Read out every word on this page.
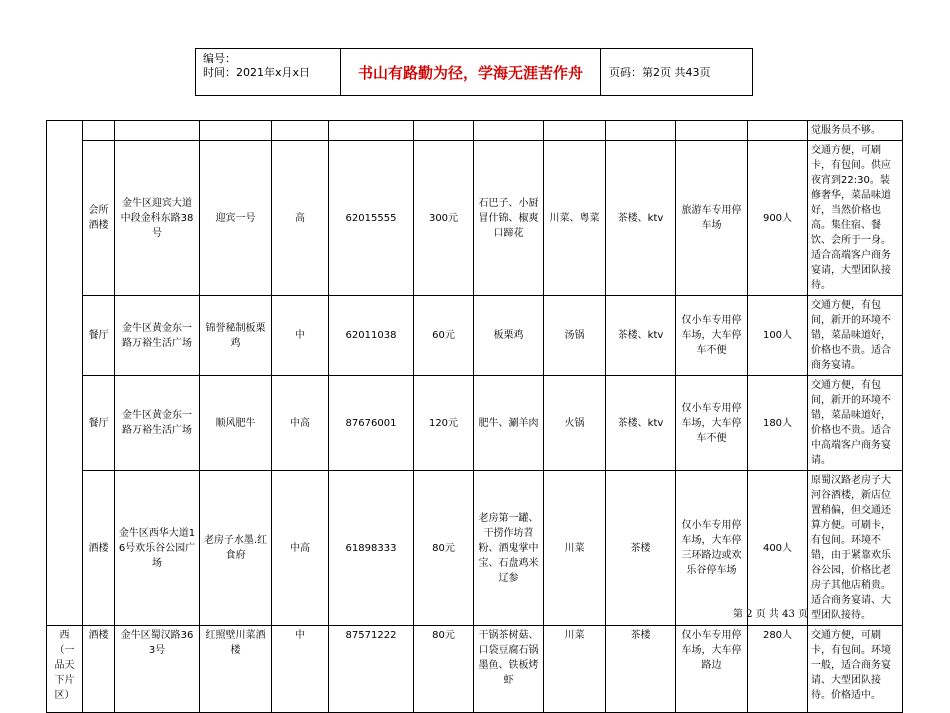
编号：
时间：2021年x月x日	书山有路勤为径，学海无涯苦作舟	页码：第2页 共43页
												觉服务员不够。
	会所酒楼	金牛区迎宾大道中段金科东路38号	迎宾一号	高	62015555	300元	石巴子、小厨冒什锦、椒爽口蹄花	川菜、粤菜	茶楼、ktv	旅游车专用停车场	900人	交通方便，可刷卡，有包间。供应夜宵到22:30。装修奢华，菜品味道好，当然价格也高。集住宿、餐饮、会所于一身。适合高端客户商务宴请，大型团队接待。
	餐厅	金牛区黄金东一路万裕生活广场	锦誉秘制板栗鸡	中	62011038	60元	板栗鸡	汤锅	茶楼、ktv	仅小车专用停车场，大车停车不便	100人	交通方便，有包间，新开的环境不错，菜品味道好，价格也不贵。适合商务宴请。
	餐厅	金牛区黄金东一路万裕生活广场	顺风肥牛	中高	87676001	120元	肥牛、涮羊肉	火锅	茶楼、ktv	仅小车专用停车场，大车停车不便	180人	交通方便，有包间，新开的环境不错，菜品味道好，价格也不贵。适合中高端客户商务宴请。
	酒楼	金牛区西华大道16号欢乐谷公园广场	老房子水墨.红食府	中高	61898333	80元	老房第一罐、干捞作坊苕粉、酒鬼掌中宝、石盘鸡米辽参	川菜	茶楼	仅小车专用停车场，大车停三环路边或欢乐谷停车场	400人	原蜀汉路老房子大河谷酒楼，新店位置稍偏，但交通还算方便。可刷卡，有包间。环境不错，由于紧靠欢乐谷公园，价格比老房子其他店稍贵。适合商务宴请、大型团队接待。
西（一品天下片区）	酒楼	金牛区蜀汉路363号	红照壁川菜酒楼	中	87571222	80元	干锅茶树菇、口袋豆腐石锅墨鱼、铁板烤虾	川菜	茶楼	仅小车专用停车场，大车停路边	280人	交通方便，可刷卡，有包间。环境一般，适合商务宴请、大型团队接待。价格适中。
第 2 页 共 43 页
